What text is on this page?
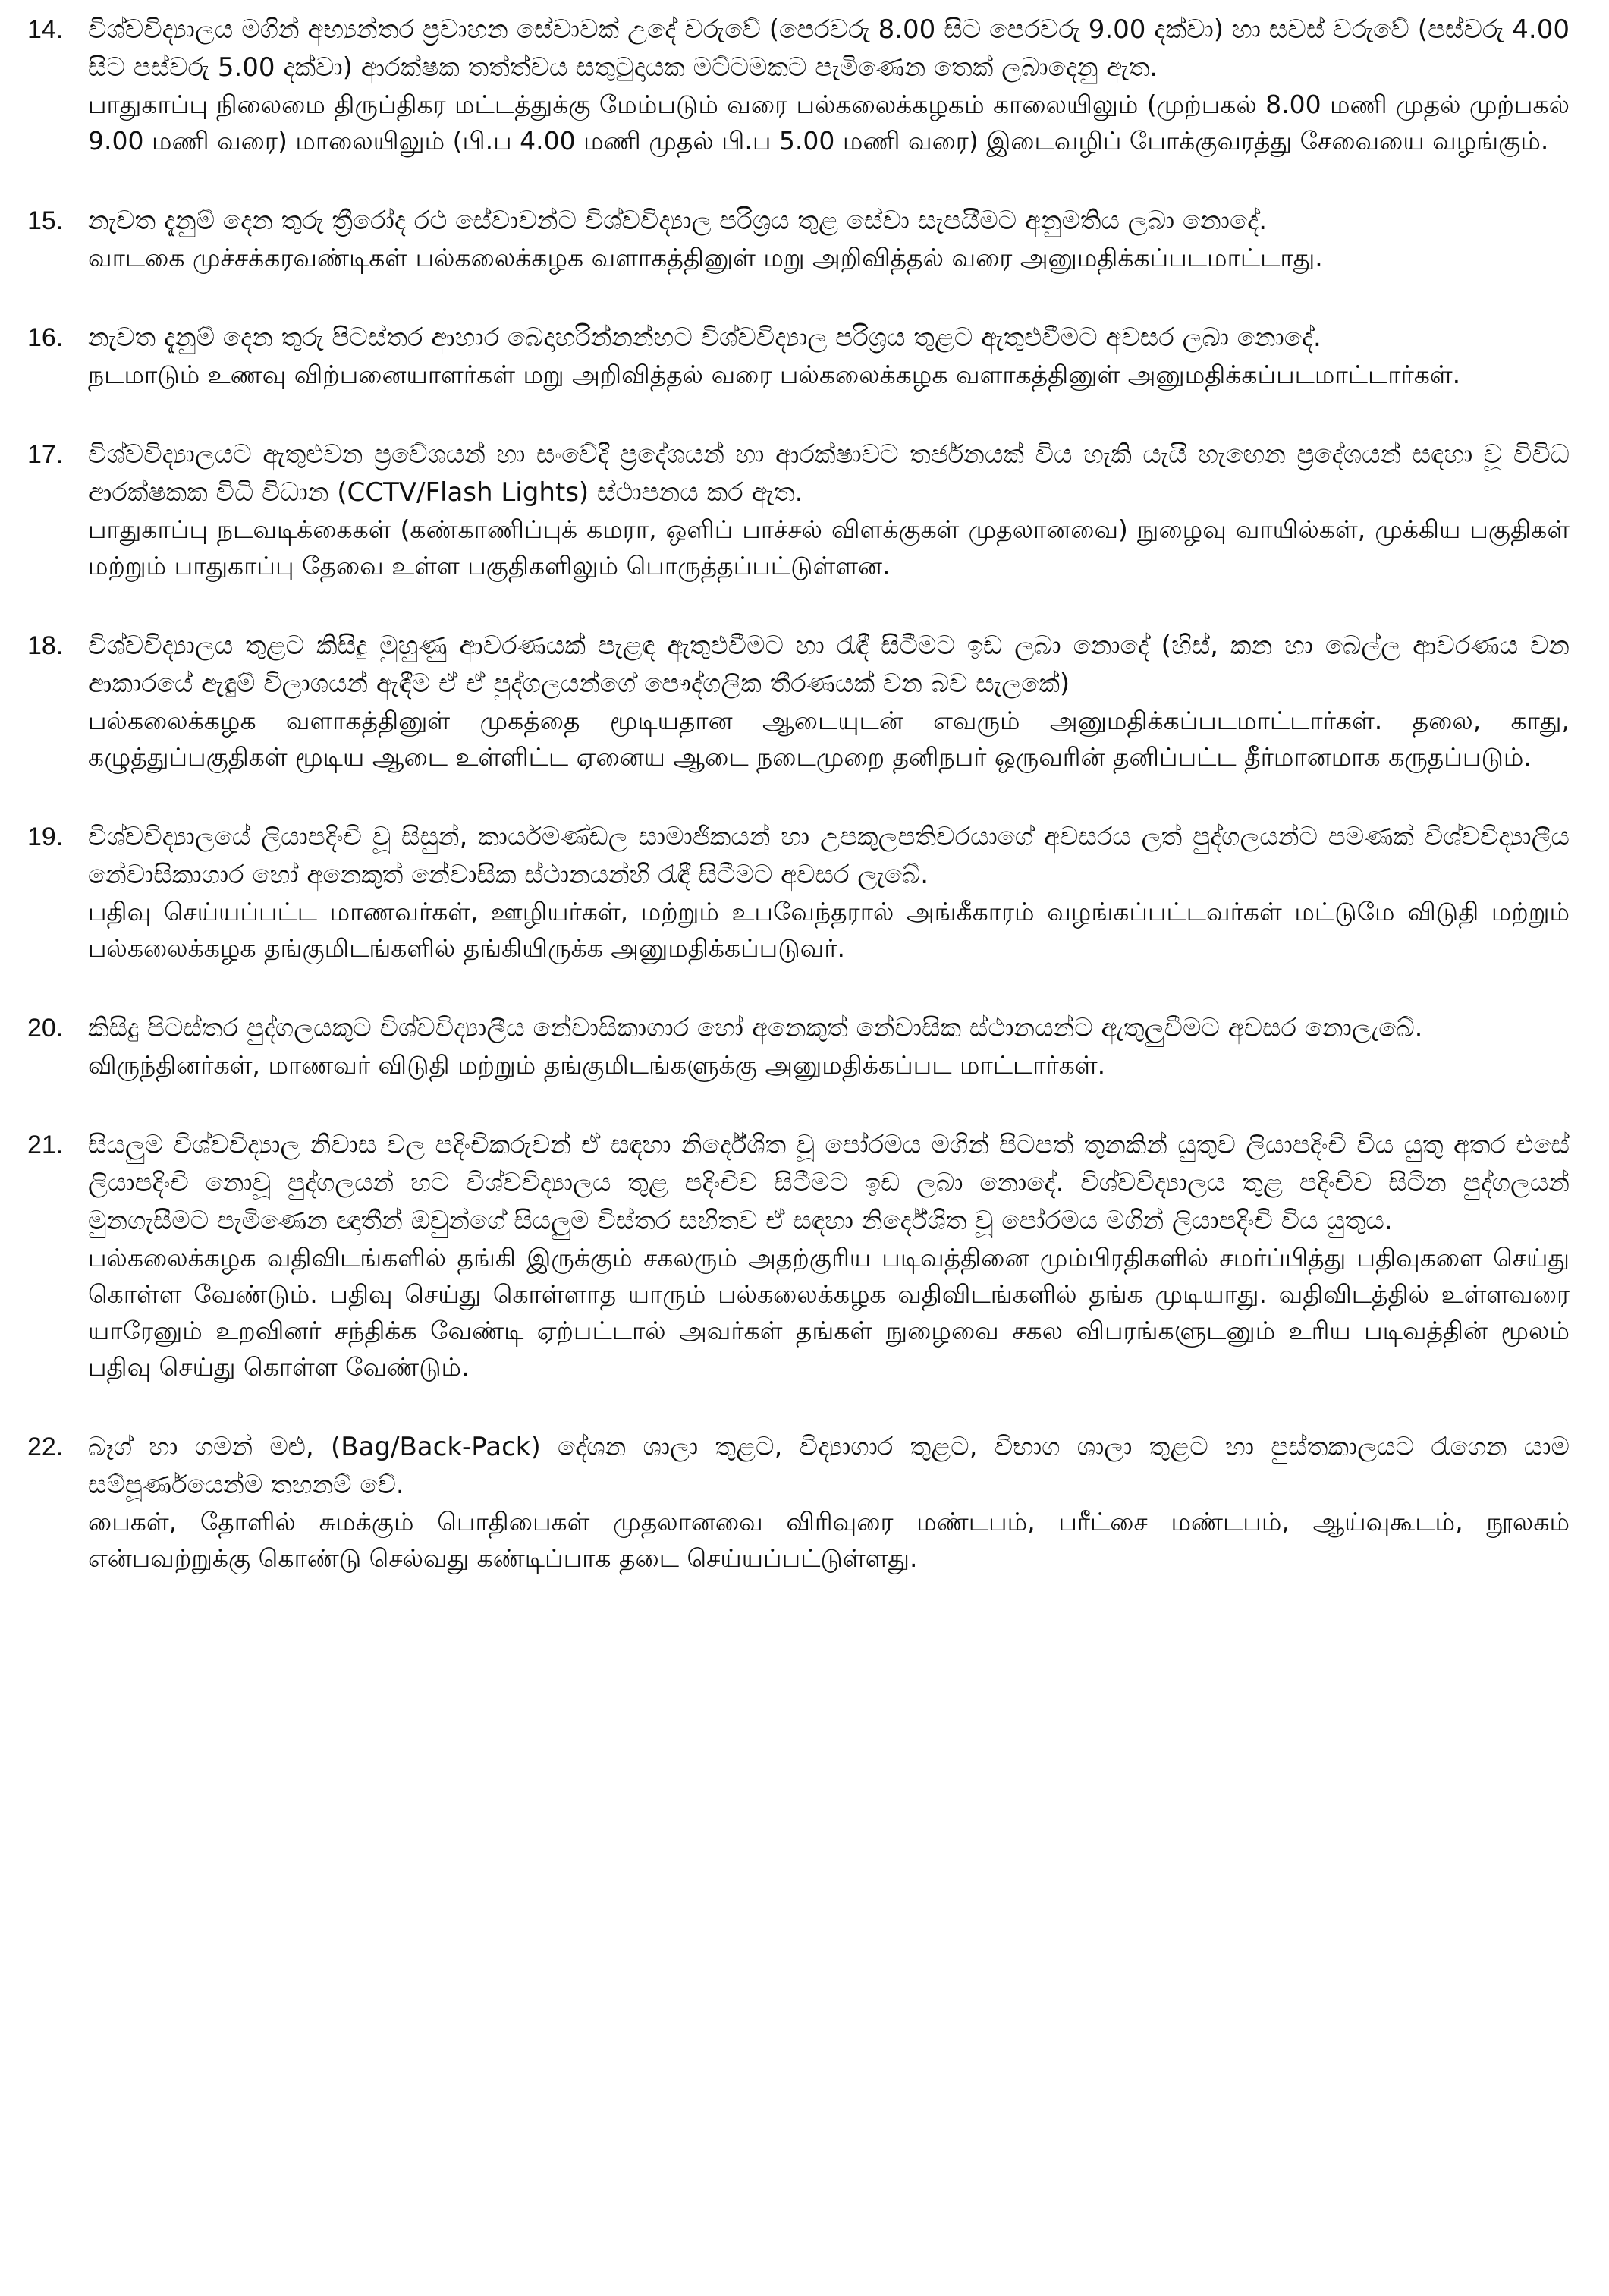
14. විශ්වවිද්‍යාලය මගින් අභ්‍යන්තර ප්‍රවාහන සේවාවක් උදේ වරුවේ (පෙරවරු 8.00 සිට පෙරවරු 9.00 දක්වා) හා සවස් වරුවේ (පස්වරු 4.00 සිට පස්වරු 5.00 දක්වා) ආරක්ෂක තත්ත්වය සතුටුදායක මට්ටමකට පැමිණෙන තෙක් ලබාදෙනු ඇත.

பாதுகாப்பு நிலைமை திருப்திகர மட்டத்துக்கு மேம்படும் வரை பல்கலைக்கழகம் காலையிலும் (முற்பகல் 8.00 மணி முதல் முற்பகல் 9.00 மணி வரை) மாலையிலும் (பி.ப 4.00 மணி முதல் பி.ப 5.00 மணி வரை) இடைவழிப் போக்குவரத்து சேவையை வழங்கும்.

15. නැවත දැනුම් දෙන තුරු ත්‍රීරෝද රථ සේවාවන්ට විශ්වවිද්‍යාල පරිශ්‍රය තුළ සේවා සැපයීමට අනුමතිය ලබා නොදේ.

வாடகை முச்சக்கரவண்டிகள் பல்கலைக்கழக வளாகத்தினுள் மறு அறிவித்தல் வரை அனுமதிக்கப்படமாட்டாது.

16. නැවත දැනුම් දෙන තුරු පිටස්තර ආහාර බෙදාහරින්නන්හට විශ්වවිද්‍යාල පරිශ්‍රය තුළට ඇතුළුවීමට අවසර ලබා නොදේ.

நடமாடும் உணவு விற்பனையாளர்கள் மறு அறிவித்தல் வரை பல்கலைக்கழக வளாகத்தினுள் அனுமதிக்கப்படமாட்டார்கள்.

17. විශ්වවිද්‍යාලයට ඇතුළුවන ප්‍රවේශයන් හා සංවේදී ප්‍රදේශයන් හා ආරක්ෂාවට තර්ජනයක් විය හැකි යැයි හැඟෙන ප්‍රදේශයන් සඳහා වූ විවිධ ආරක්ෂකක විධි විධාන (CCTV/Flash Lights) ස්ථාපනය කර ඇත.

பாதுகாப்பு நடவடிக்கைகள் (கண்காணிப்புக் கமரா, ஒளிப் பாச்சல் விளக்குகள் முதலானவை) நுழைவு வாயில்கள், முக்கிய பகுதிகள் மற்றும் பாதுகாப்பு தேவை உள்ள பகுதிகளிலும் பொருத்தப்பட்டுள்ளன.

18. විශ්වවිද්‍යාලය තුළට කිසිදු මුහුණු ආවරණයක් පැළඳ ඇතුළුවීමට හා රැඳී සිටීමට ඉඩ ලබා නොදේ (හිස්, කන හා බෙල්ල ආවරණය වන ආකාරයේ ඇඳුම් විලාශයන් ඇඳීම ඒ ඒ පුද්ගලයන්ගේ පෞද්ගලික තීරණයක් වන බව සැලකේ)

பல்கலைக்கழக வளாகத்தினுள் முகத்தை மூடியதான ஆடையுடன் எவரும் அனுமதிக்கப்படமாட்டார்கள். தலை, காது, கழுத்துப்பகுதிகள் மூடிய ஆடை உள்ளிட்ட ஏனைய ஆடை நடைமுறை தனிநபர் ஒருவரின் தனிப்பட்ட தீர்மானமாக கருதப்படும்.

19. විශ්වවිද්‍යාලයේ ලියාපදිංචි වූ සිසුන්, කාර්යමණ්ඩල සාමාජිකයන් හා උපකුලපතිවරයාගේ අවසරය ලත් පුද්ගලයන්ට පමණක් විශ්වවිද්‍යාලීය නේවාසිකාගාර හෝ අනෙකුත් නේවාසික ස්ථානයන්හි රැඳී සිටීමට අවසර ලැබේ.

பதிவு செய்யப்பட்ட மாணவர்கள், ஊழியர்கள், மற்றும் உபவேந்தரால் அங்கீகாரம் வழங்கப்பட்டவர்கள் மட்டுமே விடுதி மற்றும் பல்கலைக்கழக தங்குமிடங்களில் தங்கியிருக்க அனுமதிக்கப்படுவர்.

20. කිසිදු පිටස්තර පුද්ගලයකුට විශ්වවිද්‍යාලීය නේවාසිකාගාර හෝ අනෙකුත් නේවාසික ස්ථානයන්ට ඇතුලුවීමට අවසර නොලැබේ.

விருந்தினர்கள், மாணவர் விடுதி மற்றும் தங்குமிடங்களுக்கு அனுமதிக்கப்பட மாட்டார்கள்.

21. සියලුම විශ්වවිද්‍යාල නිවාස වල පදිංචිකරුවන් ඒ සඳහා නිර්දේශිත වූ පෝරමය මගින් පිටපත් තුනකින් යුතුව ලියාපදිංචි විය යුතු අතර එසේ ලියාපදිංචි නොවූ පුද්ගලයන් හට විශ්වවිද්‍යාලය තුළ පදිංචිව සිටීමට ඉඩ ලබා නොදේ. විශ්වවිද්‍යාලය තුළ පදිංචිව සිටින පුද්ගලයන් මුනගැසීමට පැමිණෙන ඥාතීන් ඔවුන්ගේ සියලුම විස්තර සහිතව ඒ සඳහා නිර්දේශිත වූ පෝරමය මගින් ලියාපදිංචි විය යුතුය.

பல்கலைக்கழக வதிவிடங்களில் தங்கி இருக்கும் சகலரும் அதற்குரிய படிவத்தினை மும்பிரதிகளில் சமர்ப்பித்து பதிவுகளை செய்து கொள்ள வேண்டும். பதிவு செய்து கொள்ளாத யாரும் பல்கலைக்கழக வதிவிடங்களில் தங்க முடியாது. வதிவிடத்தில் உள்ளவரை யாரேனும் உறவினர் சந்திக்க வேண்டி ஏற்பட்டால் அவர்கள் தங்கள் நுழைவை சகல விபரங்களுடனும் உரிய படிவத்தின் மூலம் பதிவு செய்து கொள்ள வேண்டும்.

22. බෑග් හා ගමන් මළු, (Bag/Back-Pack) දේශන ශාලා තුළට, විද්‍යාගාර තුළට, විභාග ශාලා තුළට හා පුස්තකාලයට රැගෙන යාම සම්පූර්ණයෙන්ම තහනම් වේ.

பைகள், தோளில் சுமக்கும் பொதிபைகள் முதலானவை விரிவுரை மண்டபம், பரீட்சை மண்டபம், ஆய்வுகூடம், நூலகம் என்பவற்றுக்கு கொண்டு செல்வது கண்டிப்பாக தடை செய்யப்பட்டுள்ளது.
